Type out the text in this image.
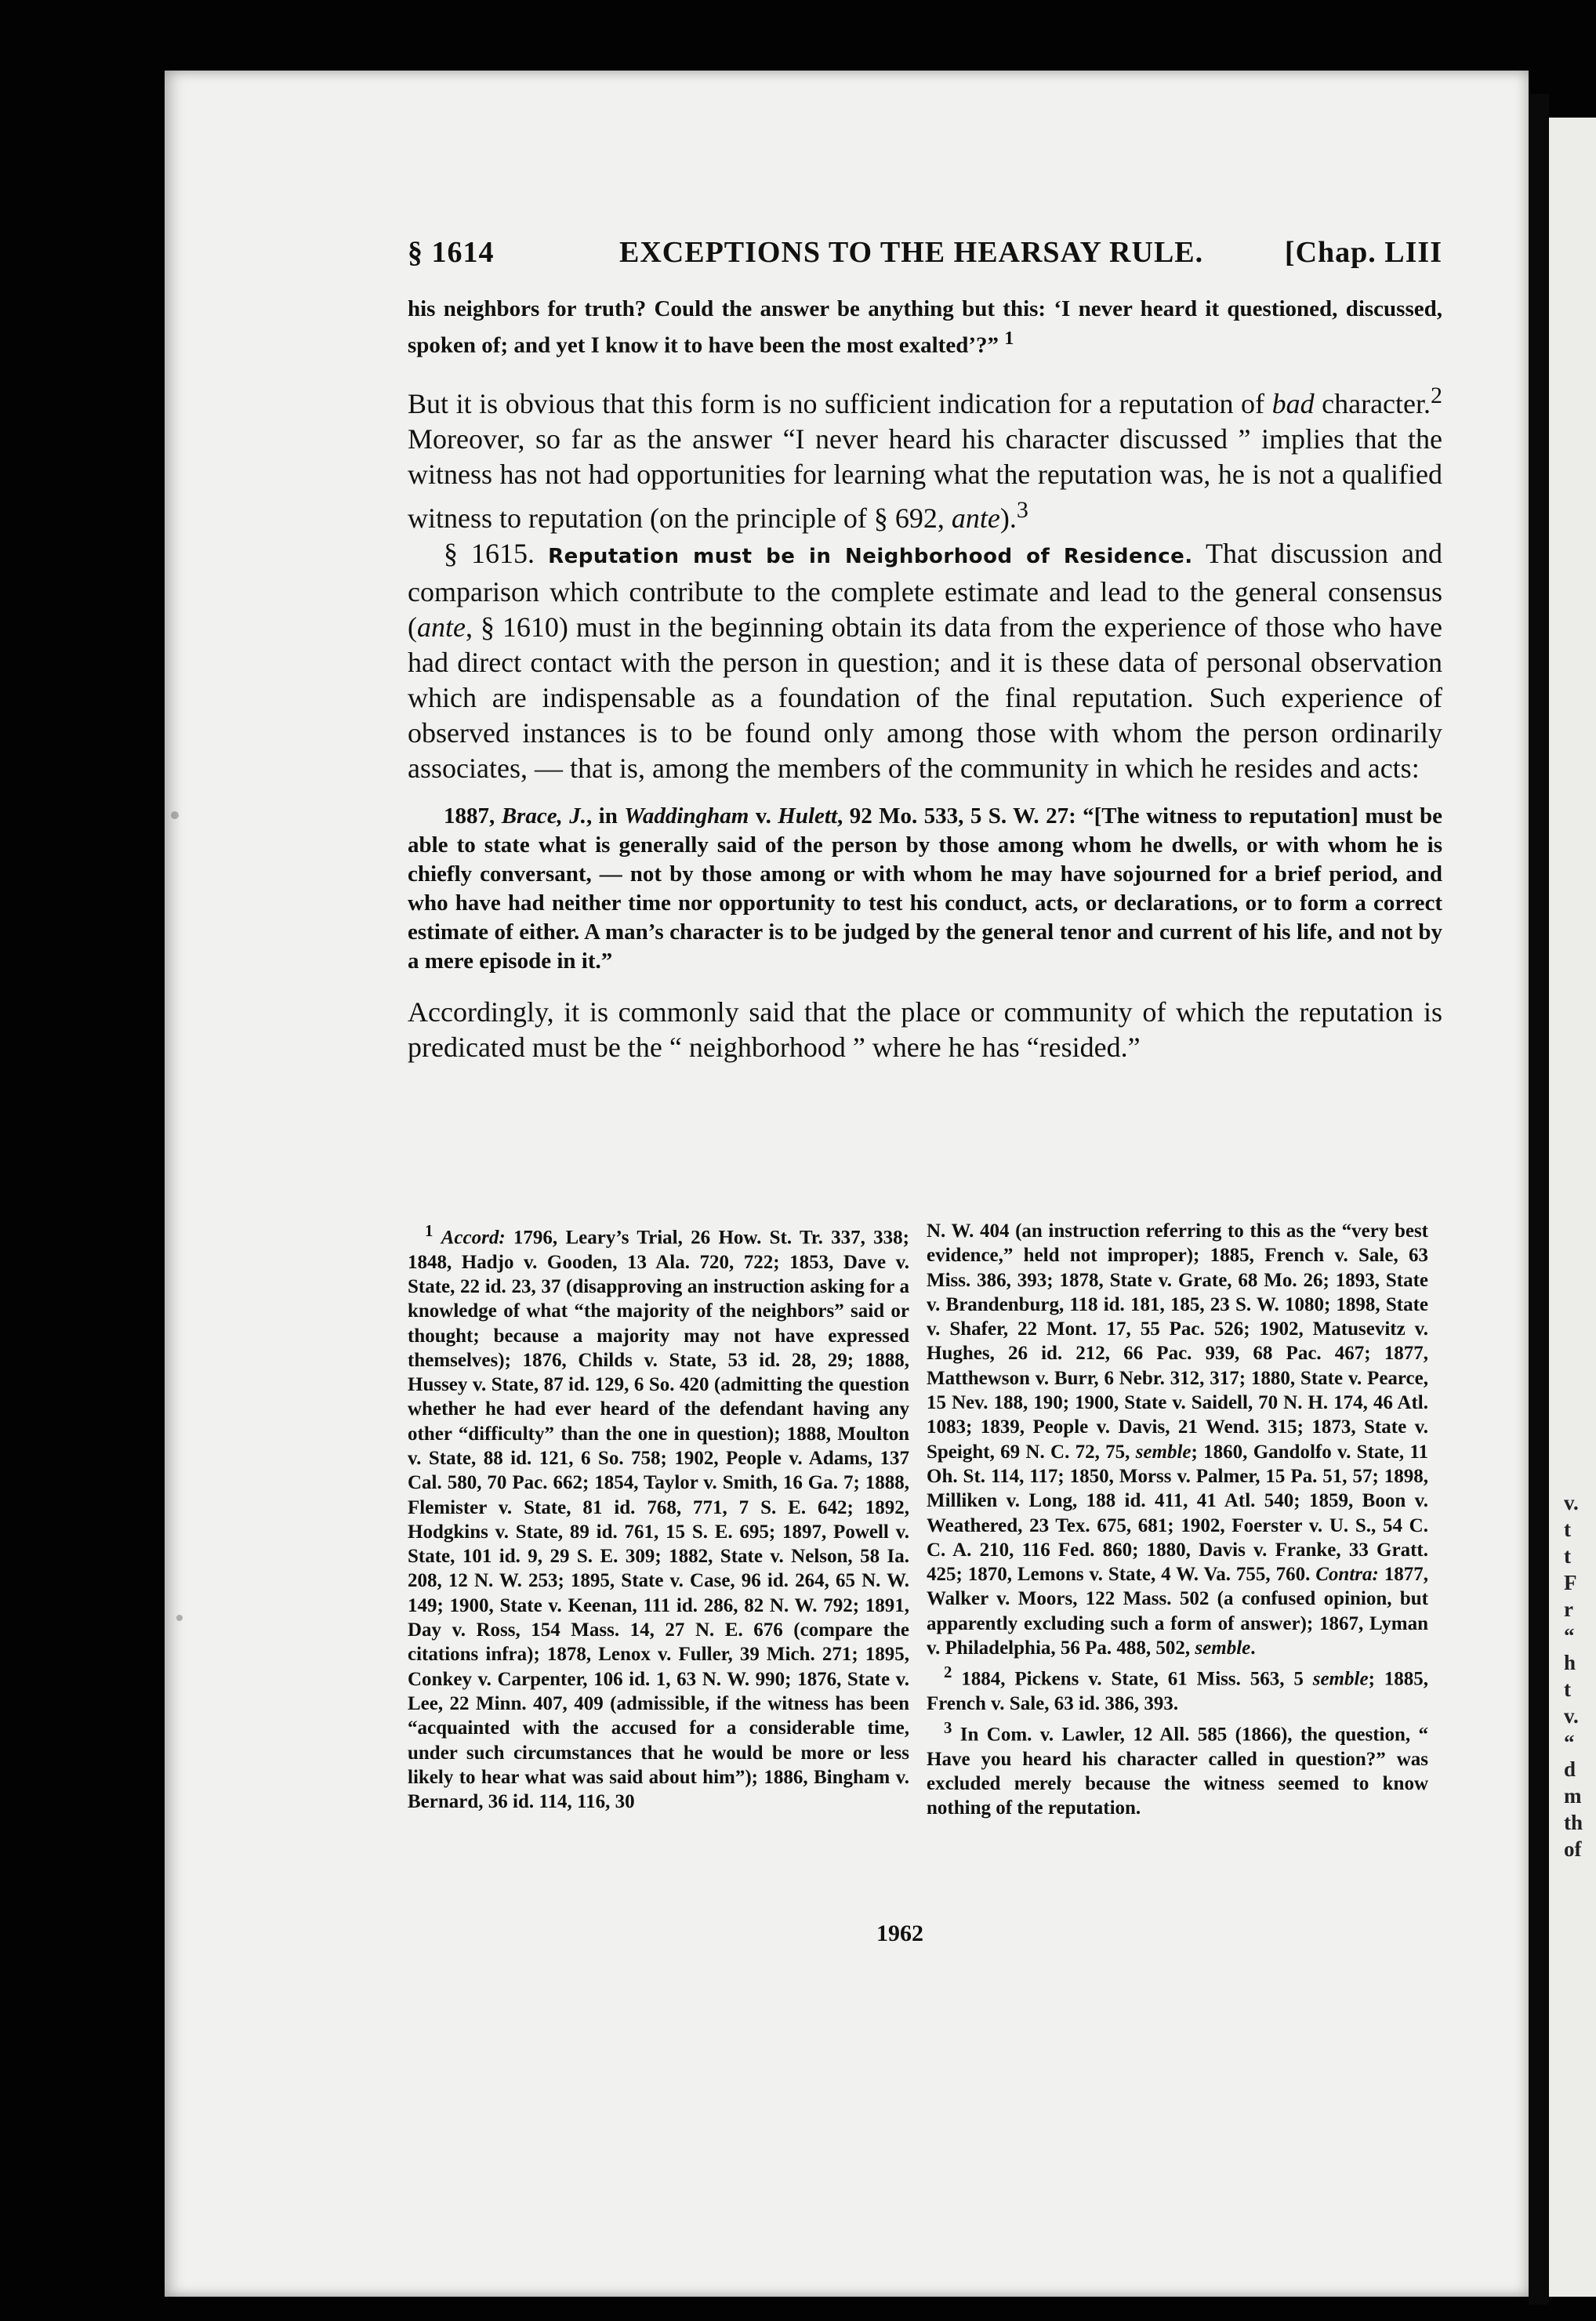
v.
t
t
F
r
“
h
t
v.
“
d
m
th
of
§ 1614	EXCEPTIONS TO THE HEARSAY RULE.	[Chap. LIII

his neighbors for truth? Could the answer be anything but this: ‘I never heard it questioned, discussed, spoken of; and yet I know it to have been the most exalted’?” $^1$

But it is obvious that this form is no sufficient indication for a reputation of bad character.$^2$ Moreover, so far as the answer “I never heard his character discussed ” implies that the witness has not had opportunities for learning what the reputation was, he is not a qualified witness to reputation (on the principle of § 692, ante).$^3$

§ 1615. Reputation must be in Neighborhood of Residence. That discussion and comparison which contribute to the complete estimate and lead to the general consensus (ante, § 1610) must in the beginning obtain its data from the experience of those who have had direct contact with the person in question; and it is these data of personal observation which are indispensable as a foundation of the final reputation. Such experience of observed instances is to be found only among those with whom the person ordinarily associates, — that is, among the members of the community in which he resides and acts:

1887, Brace, J., in Waddingham v. Hulett, 92 Mo. 533, 5 S. W. 27: “[The witness to reputation] must be able to state what is generally said of the person by those among whom he dwells, or with whom he is chiefly conversant, — not by those among or with whom he may have sojourned for a brief period, and who have had neither time nor opportunity to test his conduct, acts, or declarations, or to form a correct estimate of either. A man’s character is to be judged by the general tenor and current of his life, and not by a mere episode in it.”

Accordingly, it is commonly said that the place or community of which the reputation is predicated must be the “ neighborhood ” where he has “resided.”

$^1$ Accord: 1796, Leary’s Trial, 26 How. St. Tr. 337, 338; 1848, Hadjo v. Gooden, 13 Ala. 720, 722; 1853, Dave v. State, 22 id. 23, 37 (disapproving an instruction asking for a knowledge of what “the majority of the neighbors” said or thought; because a majority may not have expressed themselves); 1876, Childs v. State, 53 id. 28, 29; 1888, Hussey v. State, 87 id. 129, 6 So. 420 (admitting the question whether he had ever heard of the defendant having any other “difficulty” than the one in question); 1888, Moulton v. State, 88 id. 121, 6 So. 758; 1902, People v. Adams, 137 Cal. 580, 70 Pac. 662; 1854, Taylor v. Smith, 16 Ga. 7; 1888, Flemister v. State, 81 id. 768, 771, 7 S. E. 642; 1892, Hodgkins v. State, 89 id. 761, 15 S. E. 695; 1897, Powell v. State, 101 id. 9, 29 S. E. 309; 1882, State v. Nelson, 58 Ia. 208, 12 N. W. 253; 1895, State v. Case, 96 id. 264, 65 N. W. 149; 1900, State v. Keenan, 111 id. 286, 82 N. W. 792; 1891, Day v. Ross, 154 Mass. 14, 27 N. E. 676 (compare the citations infra); 1878, Lenox v. Fuller, 39 Mich. 271; 1895, Conkey v. Carpenter, 106 id. 1, 63 N. W. 990; 1876, State v. Lee, 22 Minn. 407, 409 (admissible, if the witness has been “acquainted with the accused for a considerable time, under such circumstances that he would be more or less likely to hear what was said about him”); 1886, Bingham v. Bernard, 36 id. 114, 116, 30

N. W. 404 (an instruction referring to this as the “very best evidence,” held not improper); 1885, French v. Sale, 63 Miss. 386, 393; 1878, State v. Grate, 68 Mo. 26; 1893, State v. Brandenburg, 118 id. 181, 185, 23 S. W. 1080; 1898, State v. Shafer, 22 Mont. 17, 55 Pac. 526; 1902, Matusevitz v. Hughes, 26 id. 212, 66 Pac. 939, 68 Pac. 467; 1877, Matthewson v. Burr, 6 Nebr. 312, 317; 1880, State v. Pearce, 15 Nev. 188, 190; 1900, State v. Saidell, 70 N. H. 174, 46 Atl. 1083; 1839, People v. Davis, 21 Wend. 315; 1873, State v. Speight, 69 N. C. 72, 75, semble; 1860, Gandolfo v. State, 11 Oh. St. 114, 117; 1850, Morss v. Palmer, 15 Pa. 51, 57; 1898, Milliken v. Long, 188 id. 411, 41 Atl. 540; 1859, Boon v. Weathered, 23 Tex. 675, 681; 1902, Foerster v. U. S., 54 C. C. A. 210, 116 Fed. 860; 1880, Davis v. Franke, 33 Gratt. 425; 1870, Lemons v. State, 4 W. Va. 755, 760. Contra: 1877, Walker v. Moors, 122 Mass. 502 (a confused opinion, but apparently excluding such a form of answer); 1867, Lyman v. Philadelphia, 56 Pa. 488, 502, semble.

$^2$ 1884, Pickens v. State, 61 Miss. 563, 5 semble; 1885, French v. Sale, 63 id. 386, 393.

$^3$ In Com. v. Lawler, 12 All. 585 (1866), the question, “ Have you heard his character called in question?” was excluded merely because the witness seemed to know nothing of the reputation.

1962
